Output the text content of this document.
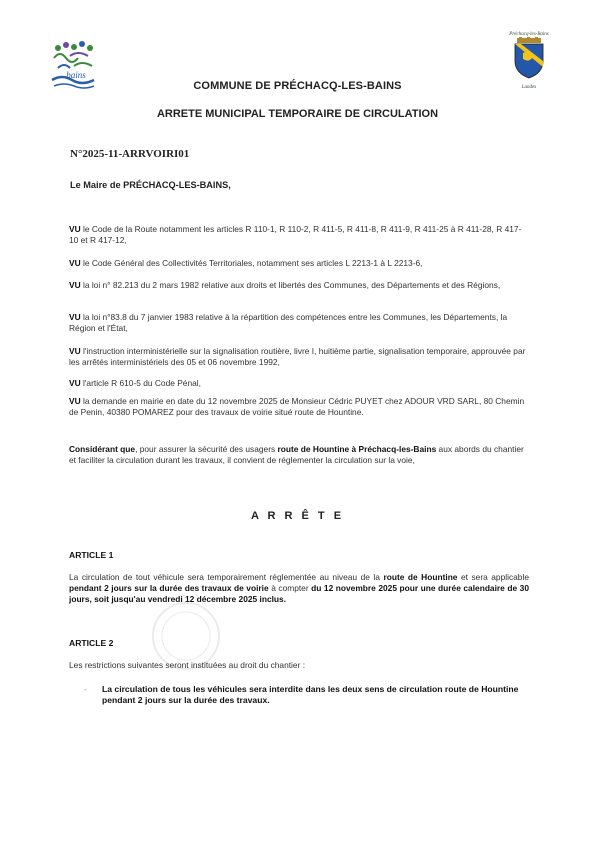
bains
Préchacq-les-Bains
Landes
COMMUNE DE PRÉCHACQ-LES-BAINS
ARRETE MUNICIPAL TEMPORAIRE DE CIRCULATION
N°2025-11-ARRVOIRI01
Le Maire de PRÉCHACQ-LES-BAINS,
VU le Code de la Route notamment les articles R 110-1, R 110-2, R 411-5, R 411-8, R 411-9, R 411-25 à R 411-28, R 417-10 et R 417-12,
VU le Code Général des Collectivités Territoriales, notamment ses articles L 2213-1 à L 2213-6,
VU la loi n° 82.213 du 2 mars 1982 relative aux droits et libertés des Communes, des Départements et des Régions,
VU la loi n°83.8 du 7 janvier 1983 relative à la répartition des compétences entre les Communes, les Départements, la Région et l'État,
VU l'instruction interministérielle sur la signalisation routière, livre I, huitième partie, signalisation temporaire, approuvée par les arrêtés interministériels des 05 et 06 novembre 1992,
VU l'article R 610-5 du Code Pénal,
VU la demande en mairie en date du 12 novembre 2025 de Monsieur Cédric PUYET chez ADOUR VRD SARL, 80 Chemin de Penin, 40380 POMAREZ pour des travaux de voirie situé route de Hountine.
Considérant que, pour assurer la sécurité des usagers route de Hountine à Préchacq-les-Bains aux abords du chantier et faciliter la circulation durant les travaux, il convient de réglementer la circulation sur la voie,
A R R Ê T E
ARTICLE 1
La circulation de tout véhicule sera temporairement réglementée au niveau de la route de Hountine et sera applicable pendant 2 jours sur la durée des travaux de voirie à compter du 12 novembre 2025 pour une durée calendaire de 30 jours, soit jusqu'au vendredi 12 décembre 2025 inclus.
ARTICLE 2
Les restrictions suivantes seront instituées au droit du chantier :
- La circulation de tous les véhicules sera interdite dans les deux sens de circulation route de Hountine pendant 2 jours sur la durée des travaux.
